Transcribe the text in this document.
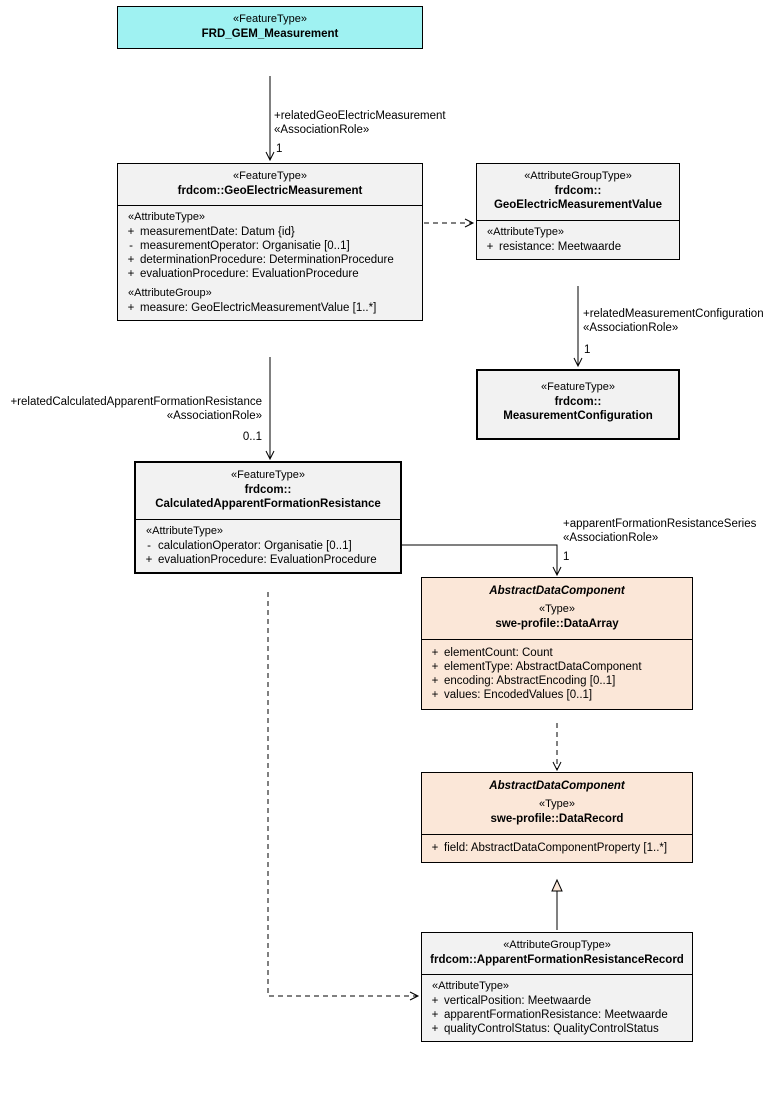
«FeatureType»
FRD_GEM_Measurement
«FeatureType»
frdcom::GeoElectricMeasurement
«AttributeType»
+ measurementDate: Datum {id}
- measurementOperator: Organisatie [0..1]
+ determinationProcedure: DeterminationProcedure
+ evaluationProcedure: EvaluationProcedure
«AttributeGroup»
+ measure: GeoElectricMeasurementValue [1..*]
«AttributeGroupType»
frdcom::
GeoElectricMeasurementValue
«AttributeType»
+ resistance: Meetwaarde
«FeatureType»
frdcom::
MeasurementConfiguration
«FeatureType»
frdcom::
CalculatedApparentFormationResistance
«AttributeType»
- calculationOperator: Organisatie [0..1]
+ evaluationProcedure: EvaluationProcedure
AbstractDataComponent
«Type»
swe-profile::DataArray
+ elementCount: Count
+ elementType: AbstractDataComponent
+ encoding: AbstractEncoding [0..1]
+ values: EncodedValues [0..1]
AbstractDataComponent
«Type»
swe-profile::DataRecord
+ field: AbstractDataComponentProperty [1..*]
«AttributeGroupType»
frdcom::ApparentFormationResistanceRecord
«AttributeType»
+ verticalPosition: Meetwaarde
+ apparentFormationResistance: Meetwaarde
+ qualityControlStatus: QualityControlStatus
+relatedGeoElectricMeasurement
«AssociationRole»
1
+relatedMeasurementConfiguration
«AssociationRole»
1
+relatedCalculatedApparentFormationResistance
«AssociationRole»
0..1
+apparentFormationResistanceSeries
«AssociationRole»
1
